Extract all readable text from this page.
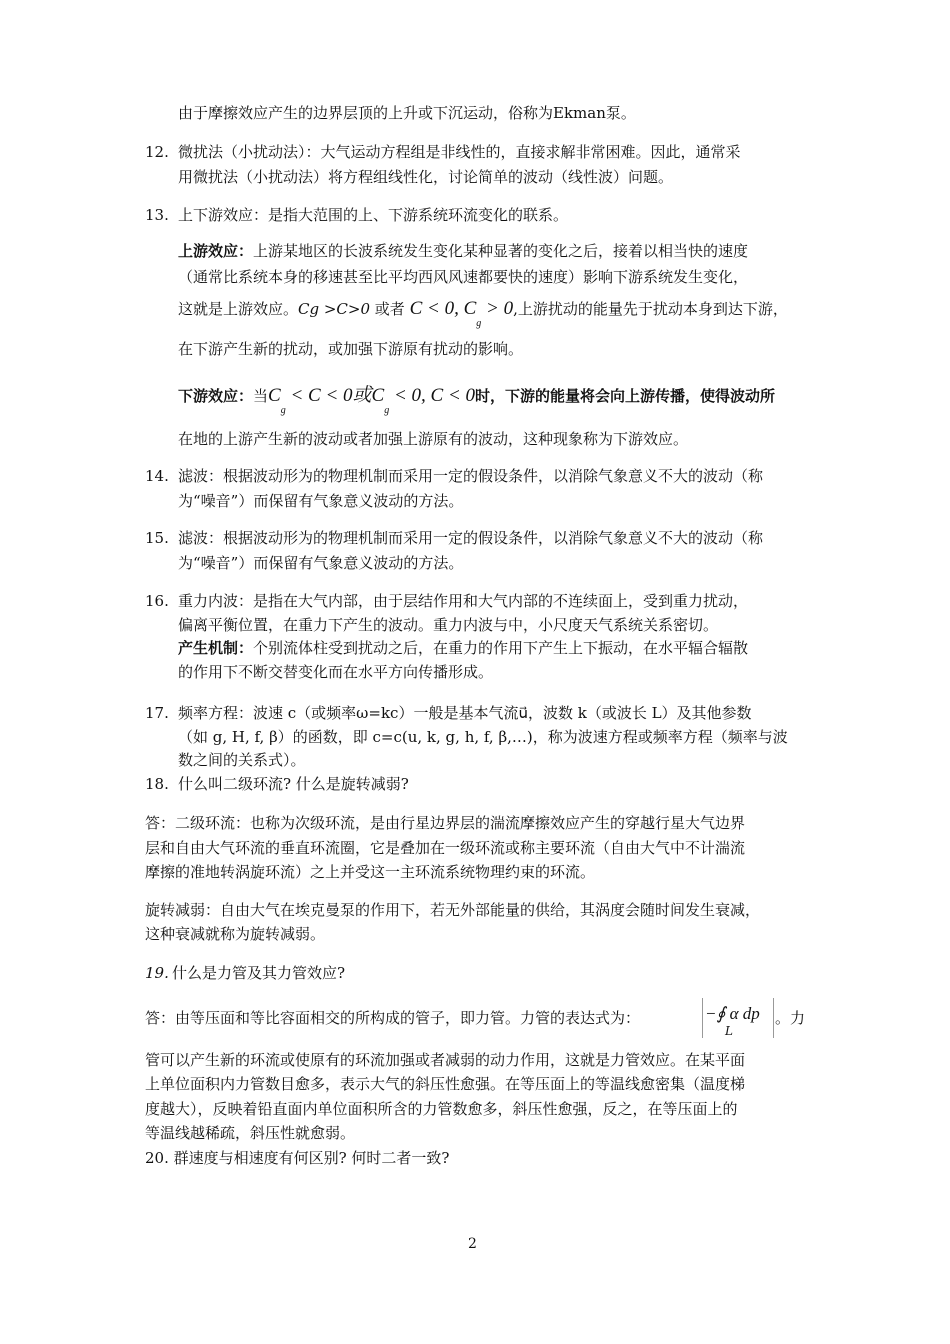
由于摩擦效应产生的边界层顶的上升或下沉运动，俗称为Ekman泵。
12. 微扰法（小扰动法）：大气运动方程组是非线性的，直接求解非常困难。因此，通常采
用微扰法（小扰动法）将方程组线性化，讨论简单的波动（线性波）问题。
13. 上下游效应：是指大范围的上、下游系统环流变化的联系。
上游效应：上游某地区的长波系统发生变化某种显著的变化之后，接着以相当快的速度
（通常比系统本身的移速甚至比平均西风风速都要快的速度）影响下游系统发生变化，
这就是上游效应。Cg >C>0 或者 C < 0, $C_g > 0$,上游扰动的能量先于扰动本身到达下游，
在下游产生新的扰动，或加强下游原有扰动的影响。
下游效应：当$C_g < C < 0$或$C_g < 0$, C < 0时，下游的能量将会向上游传播，使得波动所
在地的上游产生新的波动或者加强上游原有的波动，这种现象称为下游效应。
14. 滤波：根据波动形为的物理机制而采用一定的假设条件，以消除气象意义不大的波动（称
为“噪音”）而保留有气象意义波动的方法。
15. 滤波：根据波动形为的物理机制而采用一定的假设条件，以消除气象意义不大的波动（称
为“噪音”）而保留有气象意义波动的方法。
16. 重力内波：是指在大气内部，由于层结作用和大气内部的不连续面上，受到重力扰动，
偏离平衡位置，在重力下产生的波动。重力内波与中，小尺度天气系统关系密切。
产生机制：个别流体柱受到扰动之后，在重力的作用下产生上下振动，在水平辐合辐散
的作用下不断交替变化而在水平方向传播形成。
17. 频率方程：波速 c（或频率ω=kc）一般是基本气流u⃗，波数 k（或波长 L）及其他参数
（如 g, H, f, β）的函数，即 c=c(u, k, g, h, f, β,…)，称为波速方程或频率方程（频率与波
数之间的关系式）。
18. 什么叫二级环流? 什么是旋转减弱?
答：二级环流：也称为次级环流，是由行星边界层的湍流摩擦效应产生的穿越行星大气边界
层和自由大气环流的垂直环流圈，它是叠加在一级环流或称主要环流（自由大气中不计湍流
摩擦的准地转涡旋环流）之上并受这一主环流系统物理约束的环流。
旋转减弱：自由大气在埃克曼泵的作用下，若无外部能量的供给，其涡度会随时间发生衰减，
这种衰减就称为旋转减弱。
19. 什么是力管及其力管效应?
答：由等压面和等比容面相交的所构成的管子，即力管。力管的表达式为：	−∮ α dp
L
。力
管可以产生新的环流或使原有的环流加强或者减弱的动力作用，这就是力管效应。在某平面
上单位面积内力管数目愈多，表示大气的斜压性愈强。在等压面上的等温线愈密集（温度梯
度越大），反映着铅直面内单位面积所含的力管数愈多，斜压性愈强，反之，在等压面上的
等温线越稀疏，斜压性就愈弱。
20. 群速度与相速度有何区别? 何时二者一致?
2
